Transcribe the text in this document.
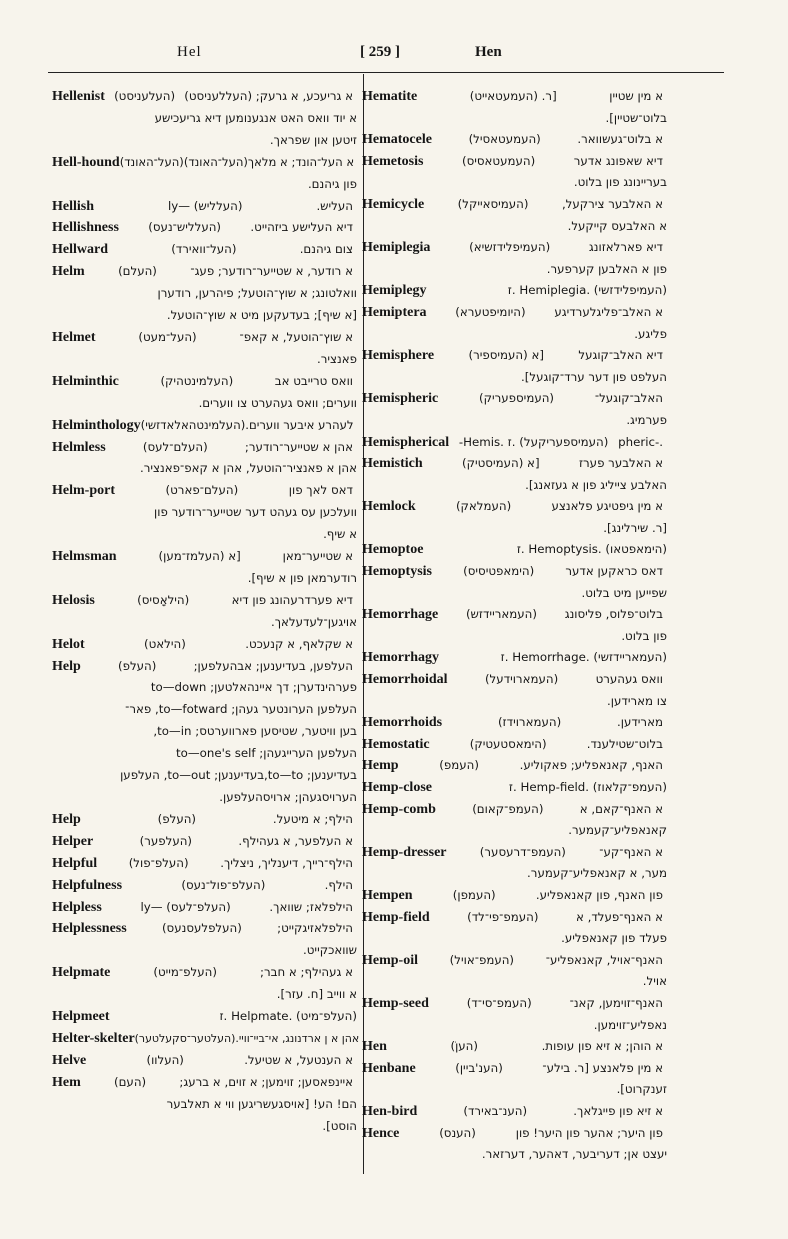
Hel	[ 259 ]	Hen
Hellenist (העלעניסט) א גריעכע, א גרעק; (העללעניסט)
א יוד וואס האט אנגענומען דיא גריעכישע
זיטען און שפראך.
Hell-hound (העל־האונד) א העל־הונד; א מלאך(העל־האונד)
פון גיהנם.
Hellish	(העלליש) —ly	העליש.
Hellishness (העלליש־נעס) דיא העלישע ביזהייט.
Hellward	(העל־וואירד)	צום גיהנם.
Helm	(העלם)	א רודער, א שטייער־רודער; פעג־
וואלטונג; א שוץ־הוטעל; פיהרען, רודערן
[א שיף]; בעדעקען מיט א שוץ־הוטעל.
Helmet	(העל־מעט)	א שוץ־הוטעל, א קאפ־
פאנציר.
Helminthic	(העלמינטהיק)	וואס טרייבט אב
ווערים; וואס געהערט צו ווערים.
Helminthology (העלמינטהאלאדזשי) לעהרע איבער ווערים.
Helmless	(העלם־לעס)	אהן א שטייער־רודער;
אהן א פאנציר־הוטעל, אהן א קאפ־פאנציר.
Helm-port	(העלם־פארט)	דאס לאך פון
וועלכען עס געהט דער שטייער־רודער פון
א שיף.
Helmsman	[א (העלמז־מען)	א שטייער־מאן
רודערמאן פון א שיף].
Helosis	(הילאָסיס)	דיא פערדרעהונג פון דיא
אויגען־לעדעלאך.
Helot	(הילאט)	א שקלאף, א קנעכט.
Help	(העלפ)	העלפען, בעדיענען; אבהעלפען;
פערהינדערן; דך איינהאלטען; to—down
העלפען הערונטער געהן; to—fotward, פאר־
בען וויטער, שטיסען פארווערטס; to—in,
העלפען הערייגעהן; to—one's self
בעדיענען; to—to,בעדיענען; to—out, העלפען
הערויסגעהן; ארויסהעלפען.
Help	(העלפ)	הילף; א מיטעל.
Helper	(העלפער)	א העלפער, א געהילף.
Helpful	(העלפ־פול)	הילף־רייך, דיענליך, ניצליך.
Helpfulness	(העלפ־פול־נעס)	הילף.
Helpless	(העלפ־לעס) —ly	הילפלאז; שוואך.
Helplessness	(העלפלעסנעס)	הילפלאזיגקייט;
שוואכקייט.
Helpmate	(העלפ־מייט)	א געהילף; א חבר;
א ווייב [ח. עזר].
Helpmeet	(העלפ־מיט) .Helpmate .ז
Helter-skelter (העלטער־סקעלטער) אהן א ן ארדנונג, אי־ביי־וויי.
Helve	(העלוו)	א הענטעל, א שטיעל.
Hem	(העם)	איינפאסען; זוימען; א זוים, א ברעג;
הם! הע! [אויסגעשריגען ווי א תאלבער
הוסט].
Hematite	[ר. (העמעטאייט)	א מין שטיין
בלוט־שטיין].
Hematocele	(העמעטאסיל)	א בלוט־געשוואר.
Hemetosis	(העמעטאסיס)	דיא שאפונג אדער
בעריינונג פון בלוט.
Hemicycle	(העמיסאייקל)	א האלבער צירקעל,
א האלבעס קייקעל.
Hemiplegia	(העמיפלידזשיא)	דיא פארלאזונג
פון א האלבען קערפער.
Hemiplegy	(העמיפלידזשי) .Hemiplegia .ז
Hemiptera (היומיפטערא) א האלב־פליגלערדיגע
פליגע.
Hemisphere	[א (העמיספיר)	דיא האלב־קוגעל
העלפט פון דער ערד־קוגעל].
Hemispheric	(העמיספעריק)	האלב־קוגעל־
פערמיג.
Hemispherical (העמיספעריקעל) .ז .Hemis- .-pheric
Hemistich	[א (העמיסטיק)	א האלבער פערז
האלבע צייליג פון א געזאנג].
Hemlock	(העמלאק)	א מין גיפטיגע פלאנצע
[ר. שירלינג].
Hemoptoe	(הימאפטאו) .Hemoptysis .ז
Hemoptysis	(הימאפטיסיס)	דאס כראקען אדער
שפייען מיט בלוט.
Hemorrhage (העמאריידזש) בלוט־פלוס, פליסונג
פון בלוט.
Hemorrhagy	(העמאריידזשי) .Hemorrhage .ז
Hemorrhoidal	(העמארוידעל)	וואס געהערט
צו מארידען.
Hemorrhoids	(העמארוידז)	מארידען.
Hemostatic	(הימאסטעטיק)	בלוט־שטילענד.
Hemp	(העמפ)	האנף, קאנאפליע; פאקוליע.
Hemp-close	(העמפ־קלאוז) .Hemp-field .ז
Hemp-comb	(העמפ־קאום)	א האנף־קאם, א
קאנאפליע־קעמער.
Hemp-dresser	(העמפ־דרעסער)	א האנף־קע־
מער, א קאנאפליע־קעמער.
Hempen	(העמפן)	פון האנף, פון קאנאפליע.
Hemp-field	(העמפ־פי־לד)	א האנף־פעלד, א
פעלד פון קאנאפליע.
Hemp-oil	(העמפ־אויל)	האנף־אויל, קאנאפליע־
אויל.
Hemp-seed	(העמפ־סי־ד)	האנף־זוימען, קאנ־
נאפליע־זוימען.
Hen	(העןֹ)	א הוהן; א זיא פון עופות.
Henbane	(הענ'ביין)	א מין פלאנצע [ר. בילע־
זענקרוט].
Hen-bird	(הענ־באירד)	א זיא פון פייגלאך.
Hence	(הענס)	פון היער; אהער פון היער! פון
יעצט אן; דעריבער, דאהער, דערזאר.
